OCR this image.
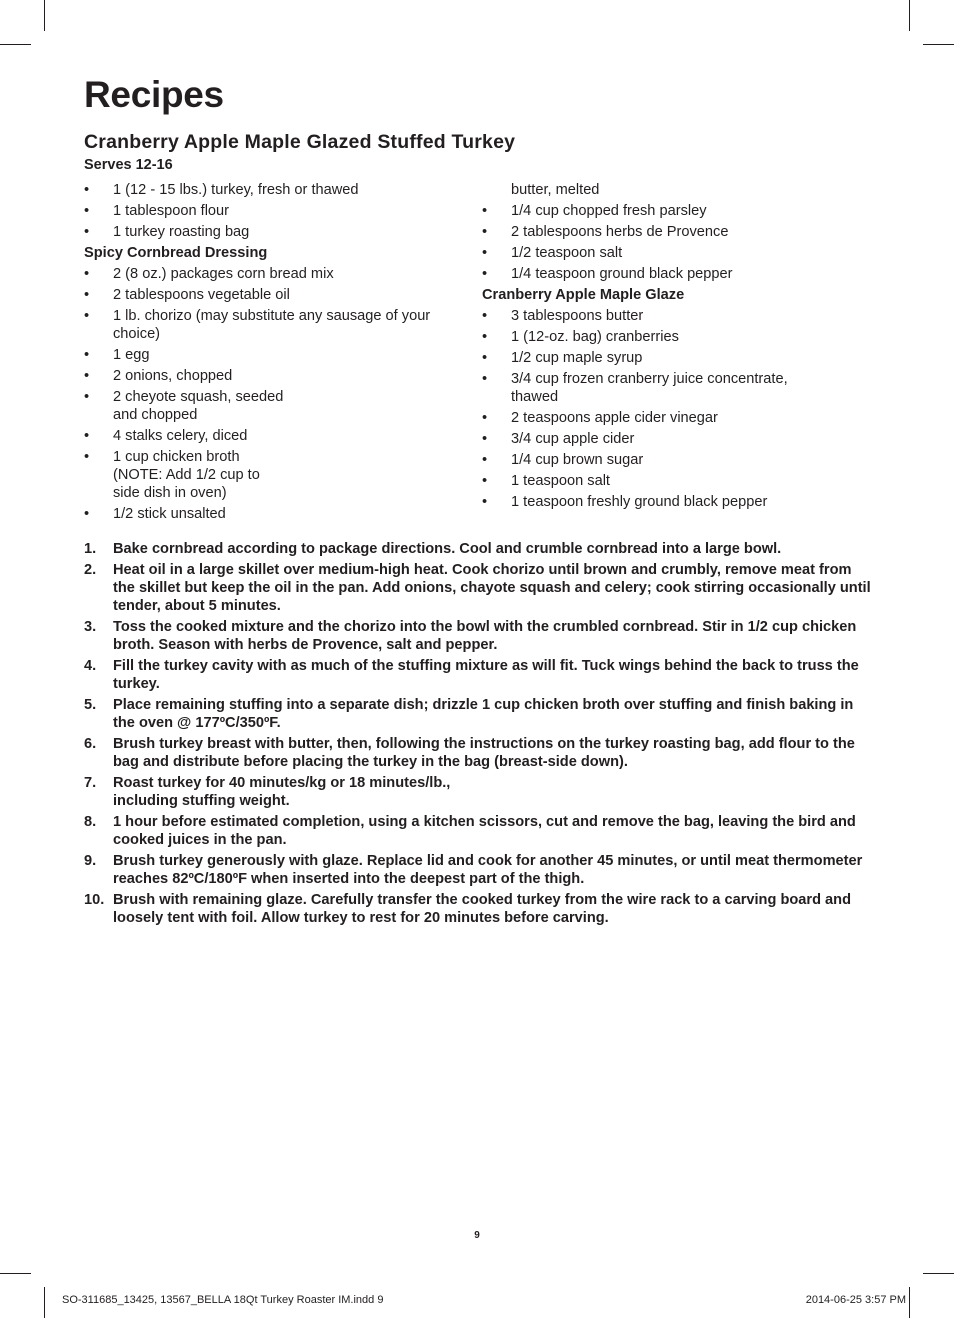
Recipes
Cranberry Apple Maple Glazed Stuffed Turkey
Serves 12-16
• 1 (12 - 15 lbs.) turkey, fresh or thawed
• 1 tablespoon flour
• 1 turkey roasting bag
Spicy Cornbread Dressing
• 2 (8 oz.) packages corn bread mix
• 2 tablespoons vegetable oil
• 1 lb. chorizo (may substitute any sausage of your choice)
• 1 egg
• 2 onions, chopped
• 2 cheyote squash, seeded
and chopped
• 4 stalks celery, diced
• 1 cup chicken broth
(NOTE: Add 1/2 cup to
side dish in oven)
• 1/2 stick unsalted
butter, melted
• 1/4 cup chopped fresh parsley
• 2 tablespoons herbs de Provence
• 1/2 teaspoon salt
• 1/4 teaspoon ground black pepper
Cranberry Apple Maple Glaze
• 3 tablespoons butter
• 1 (12-oz. bag) cranberries
• 1/2 cup maple syrup
• 3/4 cup frozen cranberry juice concentrate,
thawed
• 2 teaspoons apple cider vinegar
• 3/4 cup apple cider
• 1/4 cup brown sugar
• 1 teaspoon salt
• 1 teaspoon freshly ground black pepper
1. Bake cornbread according to package directions. Cool and crumble cornbread into a large bowl.
2. Heat oil in a large skillet over medium-high heat. Cook chorizo until brown and crumbly, remove meat from the skillet but keep the oil in the pan. Add onions, chayote squash and celery; cook stirring occasionally until tender, about 5 minutes.
3. Toss the cooked mixture and the chorizo into the bowl with the crumbled cornbread. Stir in 1/2 cup chicken broth. Season with herbs de Provence, salt and pepper.
4. Fill the turkey cavity with as much of the stuffing mixture as will fit. Tuck wings behind the back to truss the turkey.
5. Place remaining stuffing into a separate dish; drizzle 1 cup chicken broth over stuffing and finish baking in the oven @ 177ºC/350ºF.
6. Brush turkey breast with butter, then, following the instructions on the turkey roasting bag, add flour to the bag and distribute before placing the turkey in the bag (breast-side down).
7. Roast turkey for 40 minutes/kg or 18 minutes/lb.,
including stuffing weight.
8. 1 hour before estimated completion, using a kitchen scissors, cut and remove the bag, leaving the bird and cooked juices in the pan.
9. Brush turkey generously with glaze. Replace lid and cook for another 45 minutes, or until meat thermometer reaches 82ºC/180ºF when inserted into the deepest part of the thigh.
10. Brush with remaining glaze. Carefully transfer the cooked turkey from the wire rack to a carving board and loosely tent with foil. Allow turkey to rest for 20 minutes before carving.
9
SO-311685_13425, 13567_BELLA 18Qt Turkey Roaster IM.indd 9	2014-06-25 3:57 PM
